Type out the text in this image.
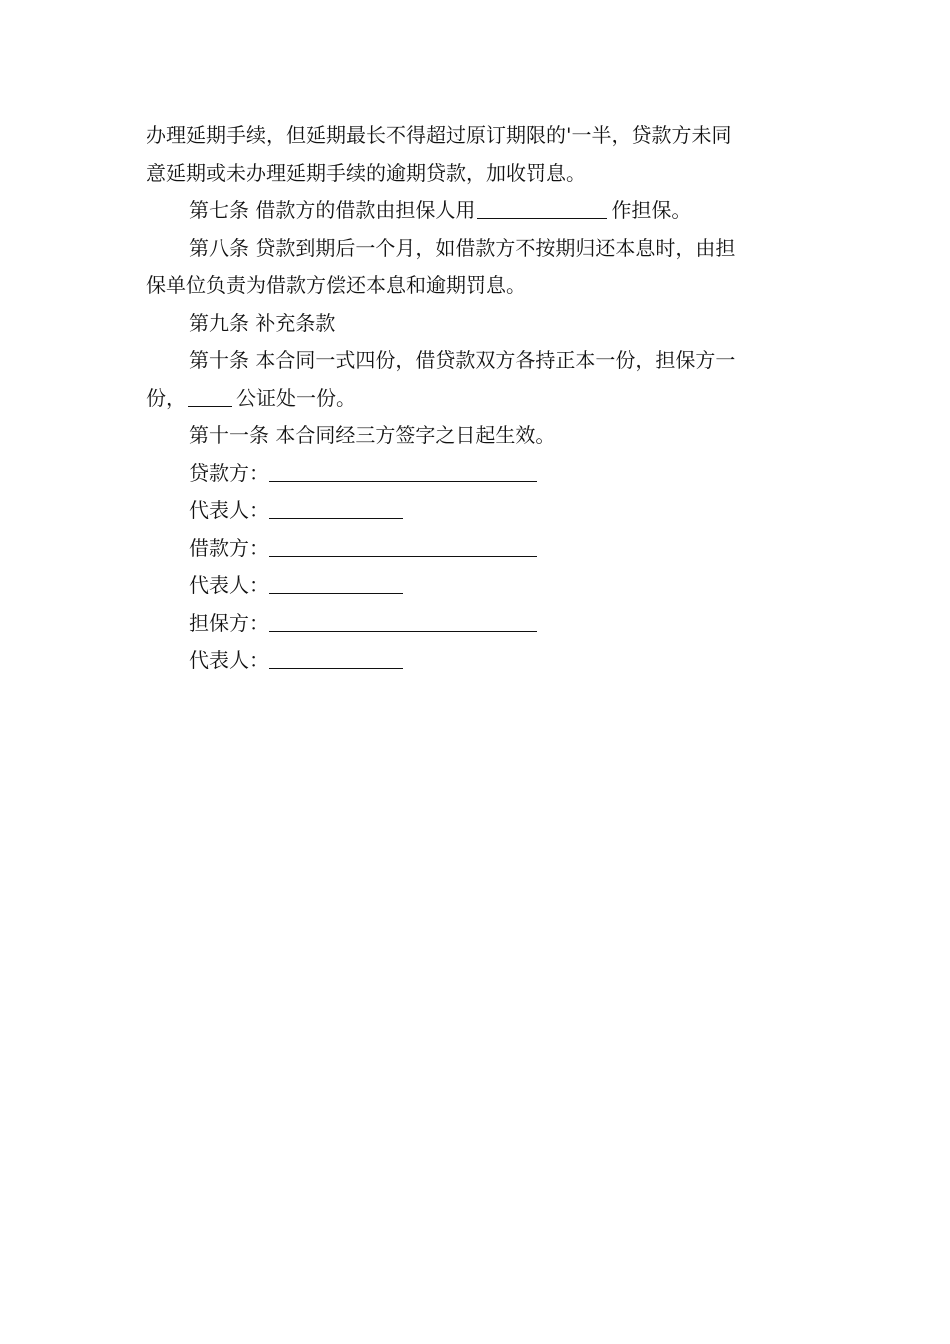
办理延期手续，但延期最长不得超过原订期限的'一半，贷款方未同

意延期或未办理延期手续的逾期贷款，加收罚息。

第七条 借款方的借款由担保人用	作担保。

第八条 贷款到期后一个月，如借款方不按期归还本息时，由担

保单位负责为借款方偿还本息和逾期罚息。

第九条 补充条款

第十条 本合同一式四份，借贷款双方各持正本一份，担保方一

份，	公证处一份。

第十一条 本合同经三方签字之日起生效。

贷款方：

代表人：

借款方：

代表人：

担保方：

代表人：
